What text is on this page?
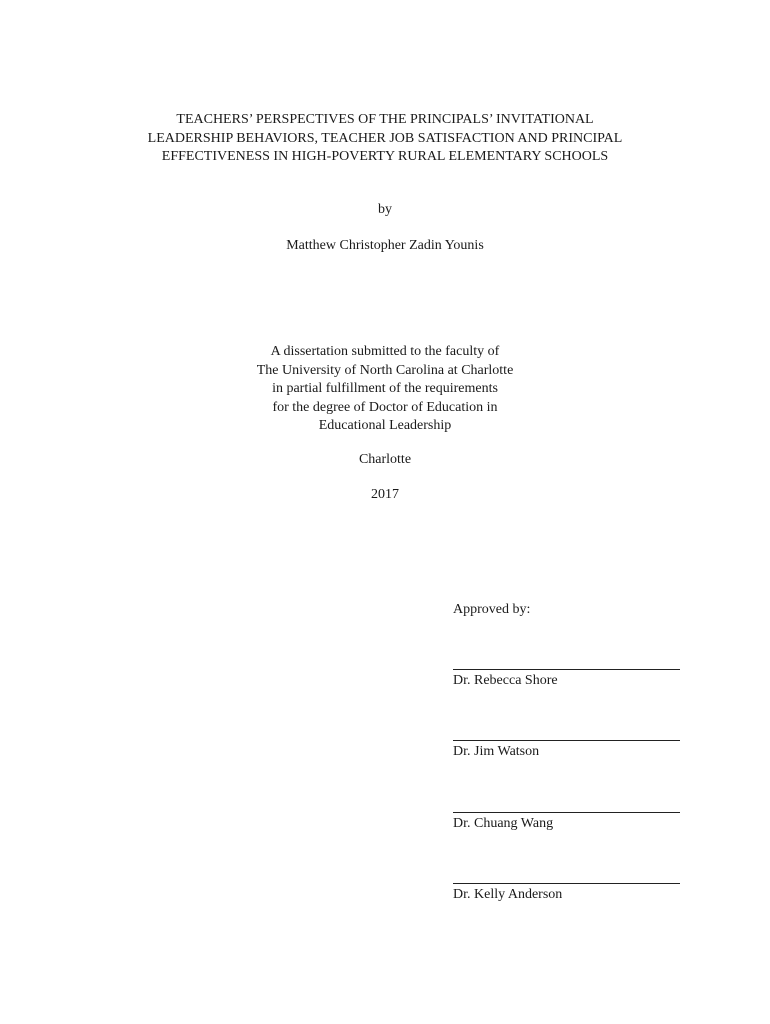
TEACHERS’ PERSPECTIVES OF THE PRINCIPALS’ INVITATIONAL
LEADERSHIP BEHAVIORS, TEACHER JOB SATISFACTION AND PRINCIPAL
EFFECTIVENESS IN HIGH-POVERTY RURAL ELEMENTARY SCHOOLS
by
Matthew Christopher Zadin Younis
A dissertation submitted to the faculty of
The University of North Carolina at Charlotte
in partial fulfillment of the requirements
for the degree of Doctor of Education in
Educational Leadership
Charlotte
2017
Approved by:
Dr. Rebecca Shore
Dr. Jim Watson
Dr. Chuang Wang
Dr. Kelly Anderson
